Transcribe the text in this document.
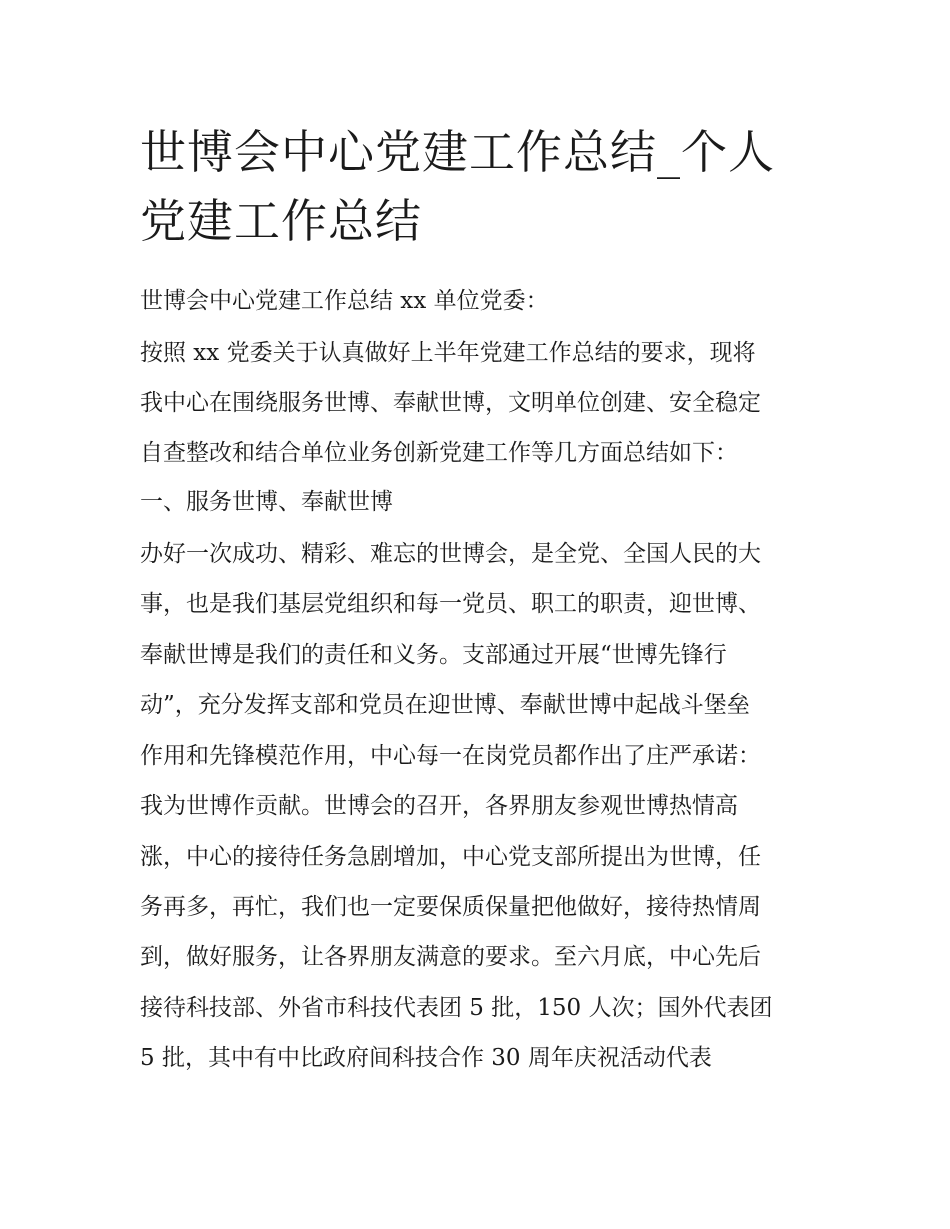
世博会中心党建工作总结_个人
党建工作总结

世博会中心党建工作总结 xx 单位党委：

按照 xx 党委关于认真做好上半年党建工作总结的要求，现将

我中心在围绕服务世博、奉献世博，文明单位创建、安全稳定

自查整改和结合单位业务创新党建工作等几方面总结如下：

一、服务世博、奉献世博

办好一次成功、精彩、难忘的世博会，是全党、全国人民的大

事，也是我们基层党组织和每一党员、职工的职责，迎世博、

奉献世博是我们的责任和义务。支部通过开展“世博先锋行

动”，充分发挥支部和党员在迎世博、奉献世博中起战斗堡垒

作用和先锋模范作用，中心每一在岗党员都作出了庄严承诺：

我为世博作贡献。世博会的召开，各界朋友参观世博热情高

涨，中心的接待任务急剧增加，中心党支部所提出为世博，任

务再多，再忙，我们也一定要保质保量把他做好，接待热情周

到，做好服务，让各界朋友满意的要求。至六月底，中心先后

接待科技部、外省市科技代表团 5 批，150 人次；国外代表团

5 批，其中有中比政府间科技合作 30 周年庆祝活动代表
